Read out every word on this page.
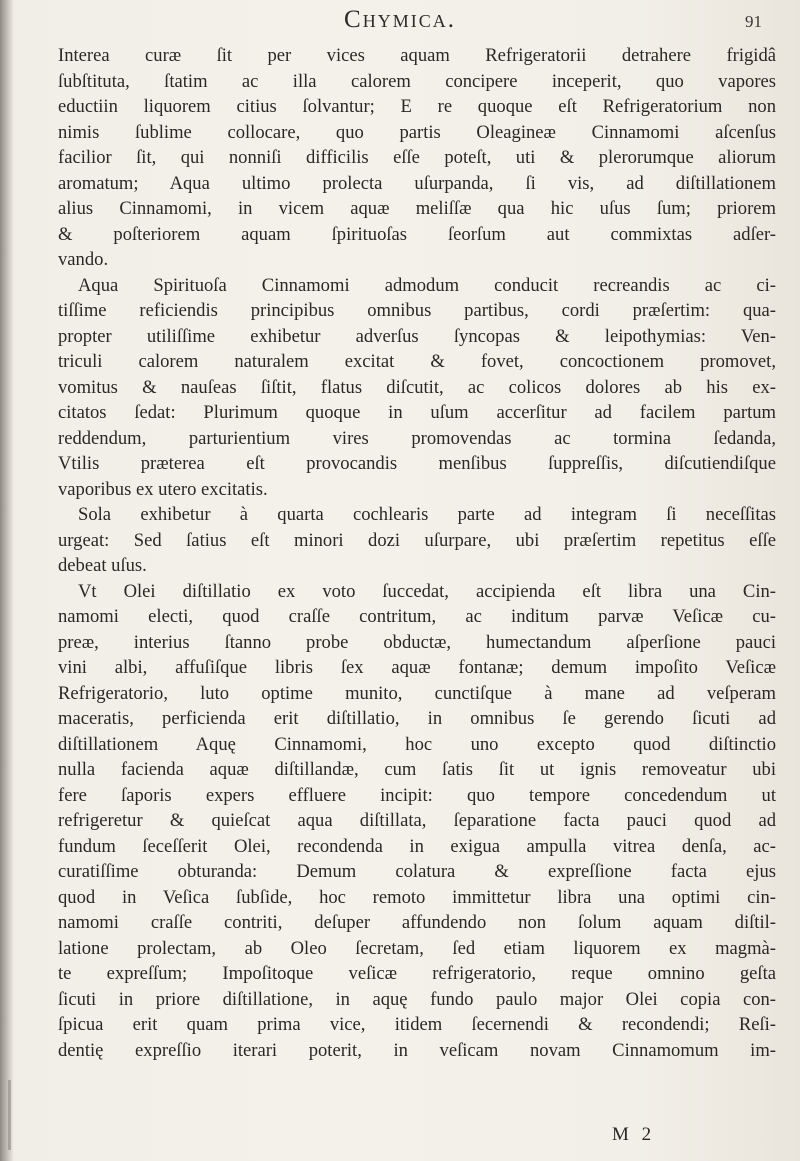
Chymica.	91
Interea curæ ſit per vices aquam Refrigeratorii detrahere frigidâ
ſubſtituta, ſtatim ac illa calorem concipere inceperit, quo vapores
eductiin liquorem citius ſolvantur; E re quoque eſt Refrigeratorium non
nimis ſublime collocare, quo partis Oleagineæ Cinnamomi aſcenſus
facilior ſit, qui nonniſi difficilis eſſe poteſt, uti & plerorumque aliorum
aromatum; Aqua ultimo prolecta uſurpanda, ſi vis, ad diſtillationem
alius Cinnamomi, in vicem aquæ meliſſæ qua hic uſus ſum; priorem
& poſteriorem aquam ſpirituoſas ſeorſum aut commixtas adſer-
vando.
Aqua Spirituoſa Cinnamomi admodum conducit recreandis ac ci-
tiſſime reficiendis principibus omnibus partibus, cordi præſertim: qua-
propter utiliſſime exhibetur adverſus ſyncopas & leipothymias: Ven-
triculi calorem naturalem excitat & fovet, concoctionem promovet,
vomitus & nauſeas ſiſtit, flatus diſcutit, ac colicos dolores ab his ex-
citatos ſedat: Plurimum quoque in uſum accerſitur ad facilem partum
reddendum, parturientium vires promovendas ac tormina ſedanda,
Vtilis præterea eſt provocandis menſibus ſuppreſſis, diſcutiendiſque
vaporibus ex utero excitatis.
Sola exhibetur à quarta cochlearis parte ad integram ſi neceſſitas
urgeat: Sed ſatius eſt minori dozi uſurpare, ubi præſertim repetitus eſſe
debeat uſus.
Vt Olei diſtillatio ex voto ſuccedat, accipienda eſt libra una Cin-
namomi electi, quod craſſe contritum, ac inditum parvæ Veſicæ cu-
preæ, interius ſtanno probe obductæ, humectandum aſperſione pauci
vini albi, affuſiſque libris ſex aquæ fontanæ; demum impoſito Veſicæ
Refrigeratorio, luto optime munito, cunctiſque à mane ad veſperam
maceratis, perficienda erit diſtillatio, in omnibus ſe gerendo ſicuti ad
diſtillationem Aquę Cinnamomi, hoc uno excepto quod diſtinctio
nulla facienda aquæ diſtillandæ, cum ſatis ſit ut ignis removeatur ubi
fere ſaporis expers effluere incipit: quo tempore concedendum ut
refrigeretur & quieſcat aqua diſtillata, ſeparatione facta pauci quod ad
fundum ſeceſſerit Olei, recondenda in exigua ampulla vitrea denſa, ac-
curatiſſime obturanda: Demum colatura & expreſſione facta ejus
quod in Veſica ſubſide, hoc remoto immittetur libra una optimi cin-
namomi craſſe contriti, deſuper affundendo non ſolum aquam diſtil-
latione prolectam, ab Oleo ſecretam, ſed etiam liquorem ex magmà-
te expreſſum; Impoſitoque veſicæ refrigeratorio, reque omnino geſta
ſicuti in priore diſtillatione, in aquę fundo paulo major Olei copia con-
ſpicua erit quam prima vice, itidem ſecernendi & recondendi; Reſi-
dentię expreſſio iterari poterit, in veſicam novam Cinnamomum im-
M 2
